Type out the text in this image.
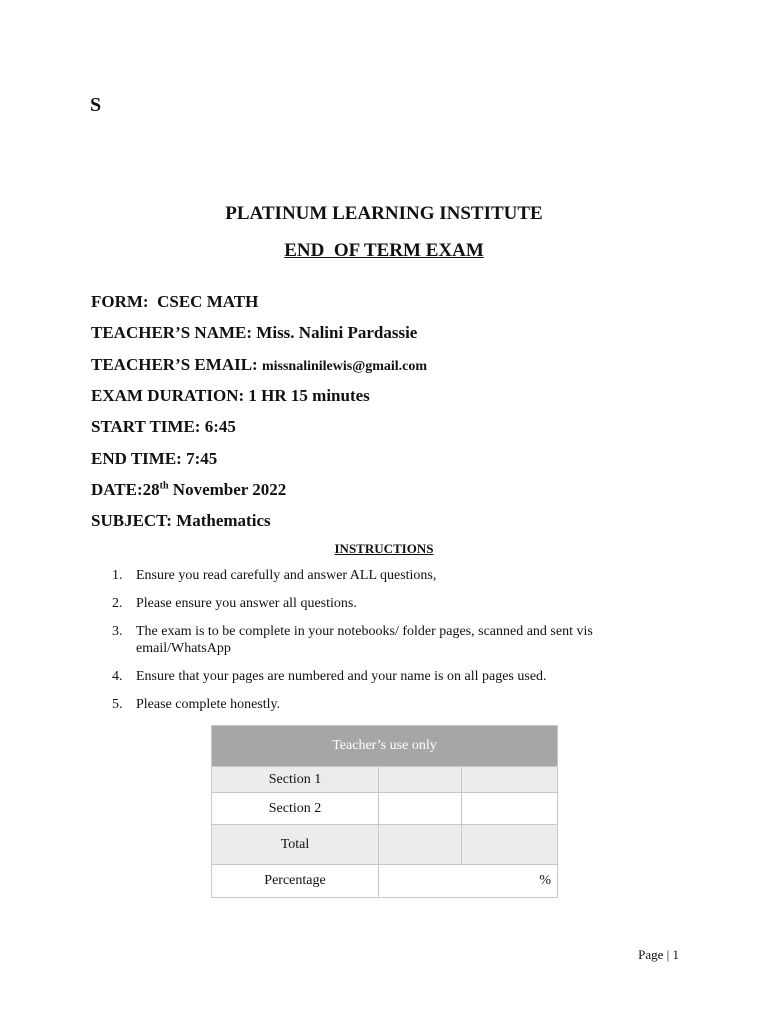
S
PLATINUM LEARNING INSTITUTE
END  OF TERM EXAM
FORM: CSEC MATH
TEACHER’S NAME: Miss. Nalini Pardassie
TEACHER’S EMAIL: missnalinilewis@gmail.com
EXAM DURATION: 1 HR 15 minutes
START TIME: 6:45
END TIME: 7:45
DATE:28th November 2022
SUBJECT: Mathematics
INSTRUCTIONS
1. Ensure you read carefully and answer ALL questions,
2. Please ensure you answer all questions.
3. The exam is to be complete in your notebooks/ folder pages, scanned and sent vis email/WhatsApp
4. Ensure that your pages are numbered and your name is on all pages used.
5. Please complete honestly.
Teacher’s use only		
Section 1		
Section 2		
Total		
Percentage	%	
Page | 1
